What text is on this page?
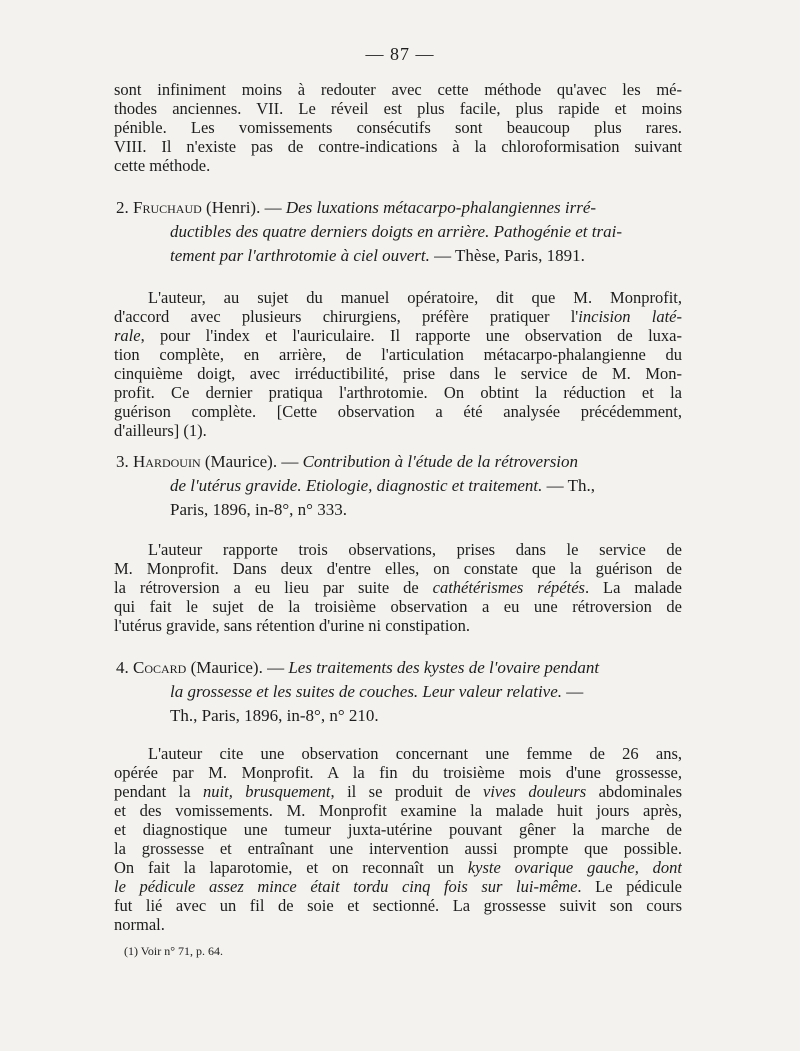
— 87 —
sont infiniment moins à redouter avec cette méthode qu'avec les mé-
thodes anciennes. VII. Le réveil est plus facile, plus rapide et moins
pénible. Les vomissements consécutifs sont beaucoup plus rares.
VIII. Il n'existe pas de contre-indications à la chloroformisation suivant
cette méthode.
2. Fruchaud (Henri). — Des luxations métacarpo-phalangiennes irré-
ductibles des quatre derniers doigts en arrière. Pathogénie et trai-
tement par l'arthrotomie à ciel ouvert. — Thèse, Paris, 1891.
L'auteur, au sujet du manuel opératoire, dit que M. Monprofit,
d'accord avec plusieurs chirurgiens, préfère pratiquer l'incision laté-
rale, pour l'index et l'auriculaire. Il rapporte une observation de luxa-
tion complète, en arrière, de l'articulation métacarpo-phalangienne du
cinquième doigt, avec irréductibilité, prise dans le service de M. Mon-
profit. Ce dernier pratiqua l'arthrotomie. On obtint la réduction et la
guérison complète. [Cette observation a été analysée précédemment,
d'ailleurs] (1).
3. Hardouin (Maurice). — Contribution à l'étude de la rétroversion
de l'utérus gravide. Etiologie, diagnostic et traitement. — Th.,
Paris, 1896, in-8°, n° 333.
L'auteur rapporte trois observations, prises dans le service de
M. Monprofit. Dans deux d'entre elles, on constate que la guérison de
la rétroversion a eu lieu par suite de cathétérismes répétés. La malade
qui fait le sujet de la troisième observation a eu une rétroversion de
l'utérus gravide, sans rétention d'urine ni constipation.
4. Cocard (Maurice). — Les traitements des kystes de l'ovaire pendant
la grossesse et les suites de couches. Leur valeur relative. —
Th., Paris, 1896, in-8°, n° 210.
L'auteur cite une observation concernant une femme de 26 ans,
opérée par M. Monprofit. A la fin du troisième mois d'une grossesse,
pendant la nuit, brusquement, il se produit de vives douleurs abdominales
et des vomissements. M. Monprofit examine la malade huit jours après,
et diagnostique une tumeur juxta-utérine pouvant gêner la marche de
la grossesse et entraînant une intervention aussi prompte que possible.
On fait la laparotomie, et on reconnaît un kyste ovarique gauche, dont
le pédicule assez mince était tordu cinq fois sur lui-même. Le pédicule
fut lié avec un fil de soie et sectionné. La grossesse suivit son cours
normal.
(1) Voir n° 71, p. 64.
